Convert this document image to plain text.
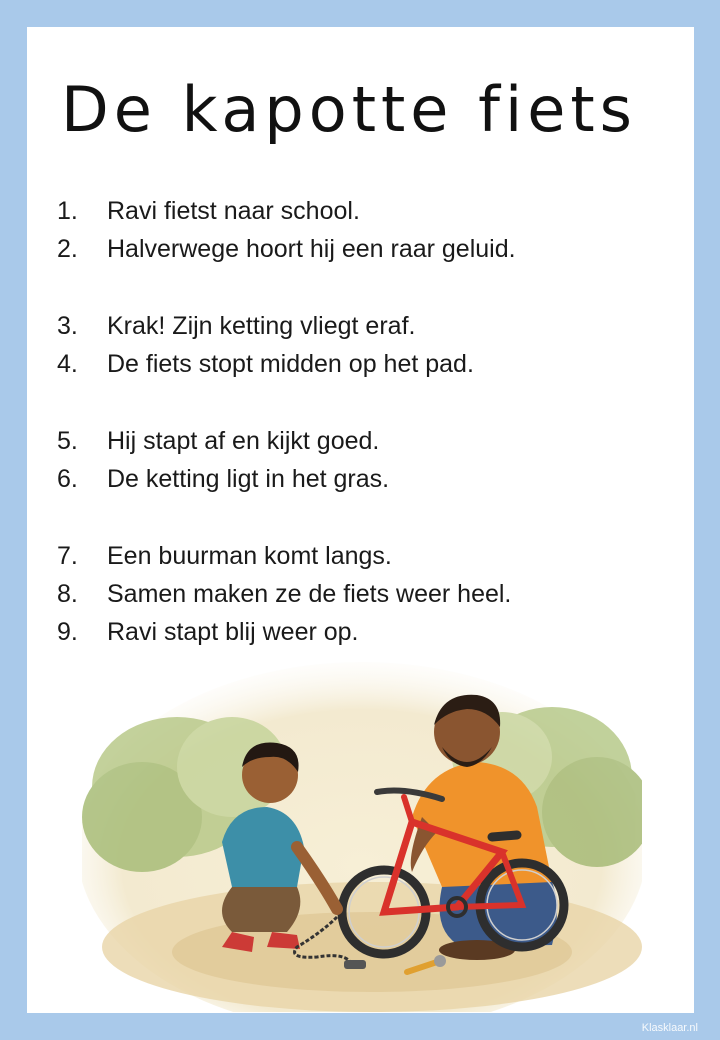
De kapotte fiets
1.	Ravi fietst naar school.
2.	Halverwege hoort hij een raar geluid.
3.	Krak! Zijn ketting vliegt eraf.
4.	De fiets stopt midden op het pad.
5.	Hij stapt af en kijkt goed.
6.	De ketting ligt in het gras.
7.	Een buurman komt langs.
8.	Samen maken ze de fiets weer heel.
9.	Ravi stapt blij weer op.
Klasklaar.nl
